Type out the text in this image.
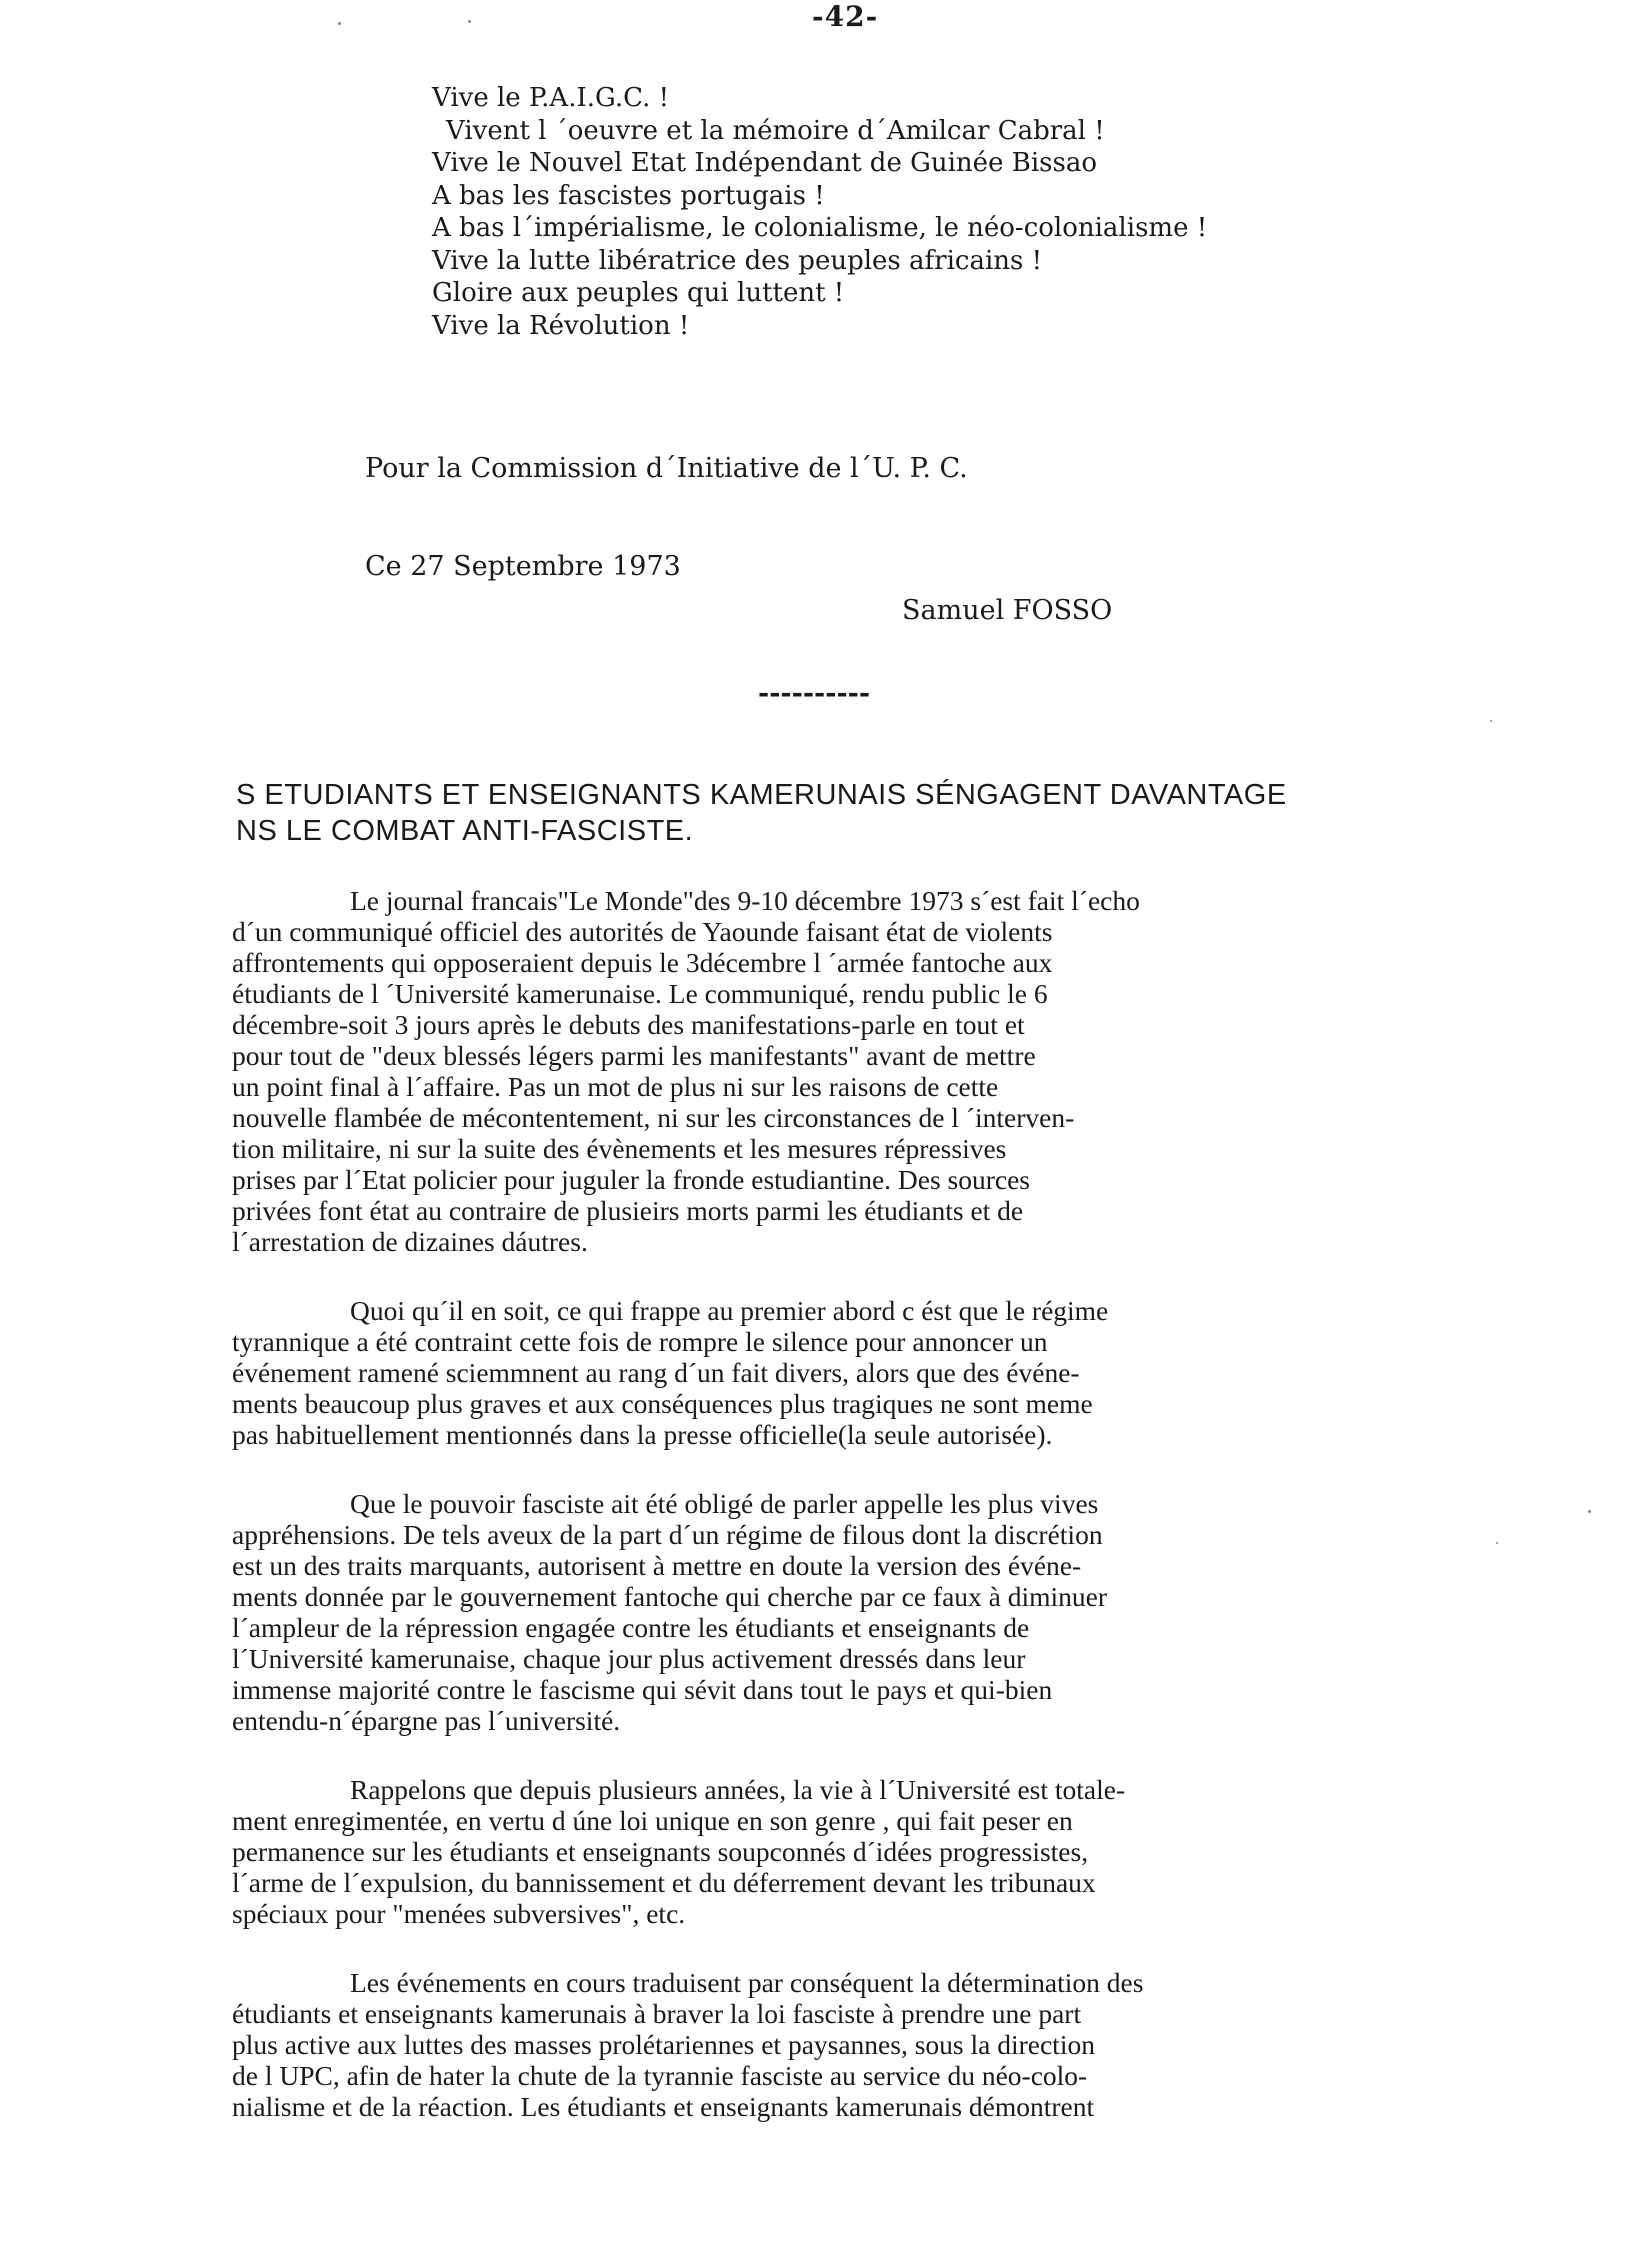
-42-
Vive le P.A.I.G.C. !
Vivent l ´oeuvre et la mémoire d´Amilcar Cabral !
Vive le Nouvel Etat Indépendant de Guinée Bissao
A bas les fascistes portugais !
A bas l´impérialisme, le colonialisme, le néo-colonialisme !
Vive la lutte libératrice des peuples africains !
Gloire aux peuples qui luttent !
Vive la Révolution !
Pour la Commission d´Initiative de l´U. P. C.
Ce 27 Septembre 1973
Samuel FOSSO
----------
S ETUDIANTS ET ENSEIGNANTS KAMERUNAIS SÉNGAGENT DAVANTAGE
NS LE COMBAT ANTI-FASCISTE.
Le journal francais"Le Monde"des 9-10 décembre 1973 s´est fait l´echo
d´un communiqué officiel des autorités de Yaounde faisant état de violents
affrontements qui opposeraient depuis le 3décembre l ´armée fantoche aux
étudiants de l ´Université kamerunaise. Le communiqué, rendu public le 6
décembre-soit 3 jours après le debuts des manifestations-parle en tout et
pour tout de "deux blessés légers parmi les manifestants" avant de mettre
un point final à l´affaire. Pas un mot de plus ni sur les raisons de cette
nouvelle flambée de mécontentement, ni sur les circonstances de l ´interven-
tion militaire, ni sur la suite des évènements et les mesures répressives
prises par l´Etat policier pour juguler la fronde estudiantine. Des sources
privées font état au contraire de plusieirs morts parmi les étudiants et de
l´arrestation de dizaines dáutres.
Quoi qu´il en soit, ce qui frappe au premier abord c ést que le régime
tyrannique a été contraint cette fois de rompre le silence pour annoncer un
événement ramené sciemmnent au rang d´un fait divers, alors que des événe-
ments beaucoup plus graves et aux conséquences plus tragiques ne sont meme
pas habituellement mentionnés dans la presse officielle(la seule autorisée).
Que le pouvoir fasciste ait été obligé de parler appelle les plus vives
appréhensions. De tels aveux de la part d´un régime de filous dont la discrétion
est un des traits marquants, autorisent à mettre en doute la version des événe-
ments donnée par le gouvernement fantoche qui cherche par ce faux à diminuer
l´ampleur de la répression engagée contre les étudiants et enseignants de
l´Université kamerunaise, chaque jour plus activement dressés dans leur
immense majorité contre le fascisme qui sévit dans tout le pays et qui-bien
entendu-n´épargne pas l´université.
Rappelons que depuis plusieurs années, la vie à l´Université est totale-
ment enregimentée, en vertu d úne loi unique en son genre , qui fait peser en
permanence sur les étudiants et enseignants soupconnés d´idées progressistes,
l´arme de l´expulsion, du bannissement et du déferrement devant les tribunaux
spéciaux pour "menées subversives", etc.
Les événements en cours traduisent par conséquent la détermination des
étudiants et enseignants kamerunais à braver la loi fasciste à prendre une part
plus active aux luttes des masses prolétariennes et paysannes, sous la direction
de l UPC, afin de hater la chute de la tyrannie fasciste au service du néo-colo-
nialisme et de la réaction. Les étudiants et enseignants kamerunais démontrent
